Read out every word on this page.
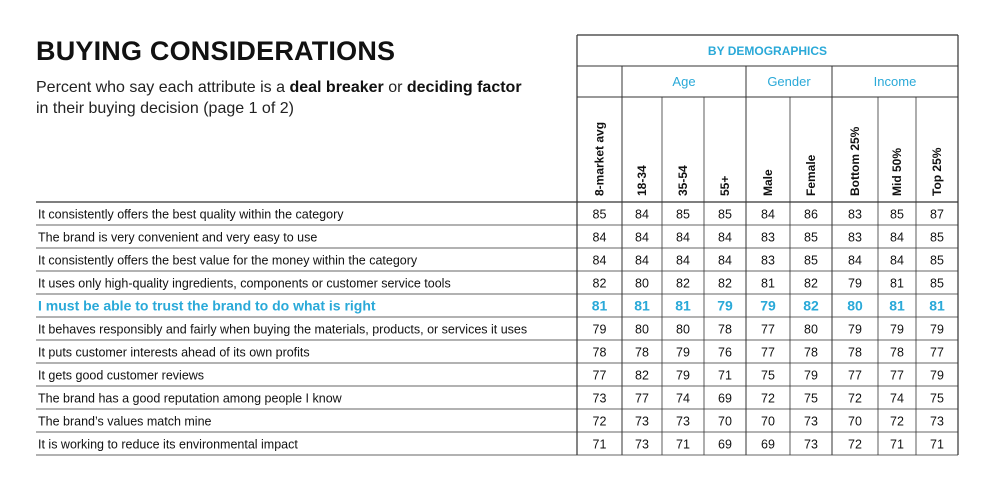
BUYING CONSIDERATIONS
Percent who say each attribute is a deal breaker or deciding factor in their buying decision (page 1 of 2)
BY DEMOGRAPHICS
Age	Gender	Income
8-market avg 18-34 35-54 55+ Male Female	Bottom 25% Mid 50% Top 25%
It consistently offers the best quality within the category	85 84 85 85 84 86 83 85 87
The brand is very convenient and very easy to use	84 84 84 84 83 85 83 84 85
It consistently offers the best value for the money within the category	84 84 84 84 83 85 84 84 85
It uses only high-quality ingredients, components or customer service tools	82 80 82 82 81 82 79 81 85
I must be able to trust the brand to do what is right	81 81 81 79 79 82 80 81 81
It behaves responsibly and fairly when buying the materials, products, or services it uses	79 80 80 78 77 80 79 79 79
It puts customer interests ahead of its own profits	78 78 79 76 77 78 78 78 77
It gets good customer reviews	77 82 79 71 75 79 77 77 79
The brand has a good reputation among people I know	73 77 74 69 72 75 72 74 75
The brand’s values match mine	72 73 73 70 70 73 70 72 73
It is working to reduce its environmental impact	71 73 71 69 69 73 72 71 71
